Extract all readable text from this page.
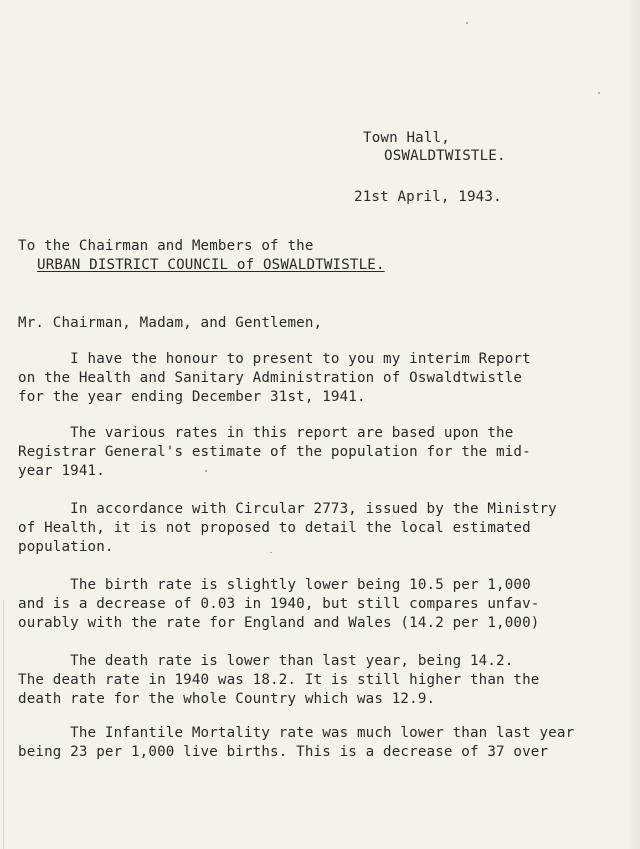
Town Hall,
OSWALDTWISTLE.
21st April, 1943.
To the Chairman and Members of the
URBAN DISTRICT COUNCIL of OSWALDTWISTLE.
Mr. Chairman, Madam, and Gentlemen,
I have the honour to present to you my interim Report
on the Health and Sanitary Administration of Oswaldtwistle
for the year ending December 31st, 1941.
The various rates in this report are based upon the
Registrar General's estimate of the population for the mid-
year 1941.
In accordance with Circular 2773, issued by the Ministry
of Health, it is not proposed to detail the local estimated
population.
The birth rate is slightly lower being 10.5 per 1,000
and is a decrease of 0.03 in 1940, but still compares unfav-
ourably with the rate for England and Wales (14.2 per 1,000)
The death rate is lower than last year, being 14.2.
The death rate in 1940 was 18.2. It is still higher than the
death rate for the whole Country which was 12.9.
The Infantile Mortality rate was much lower than last year
being 23 per 1,000 live births. This is a decrease of 37 over
